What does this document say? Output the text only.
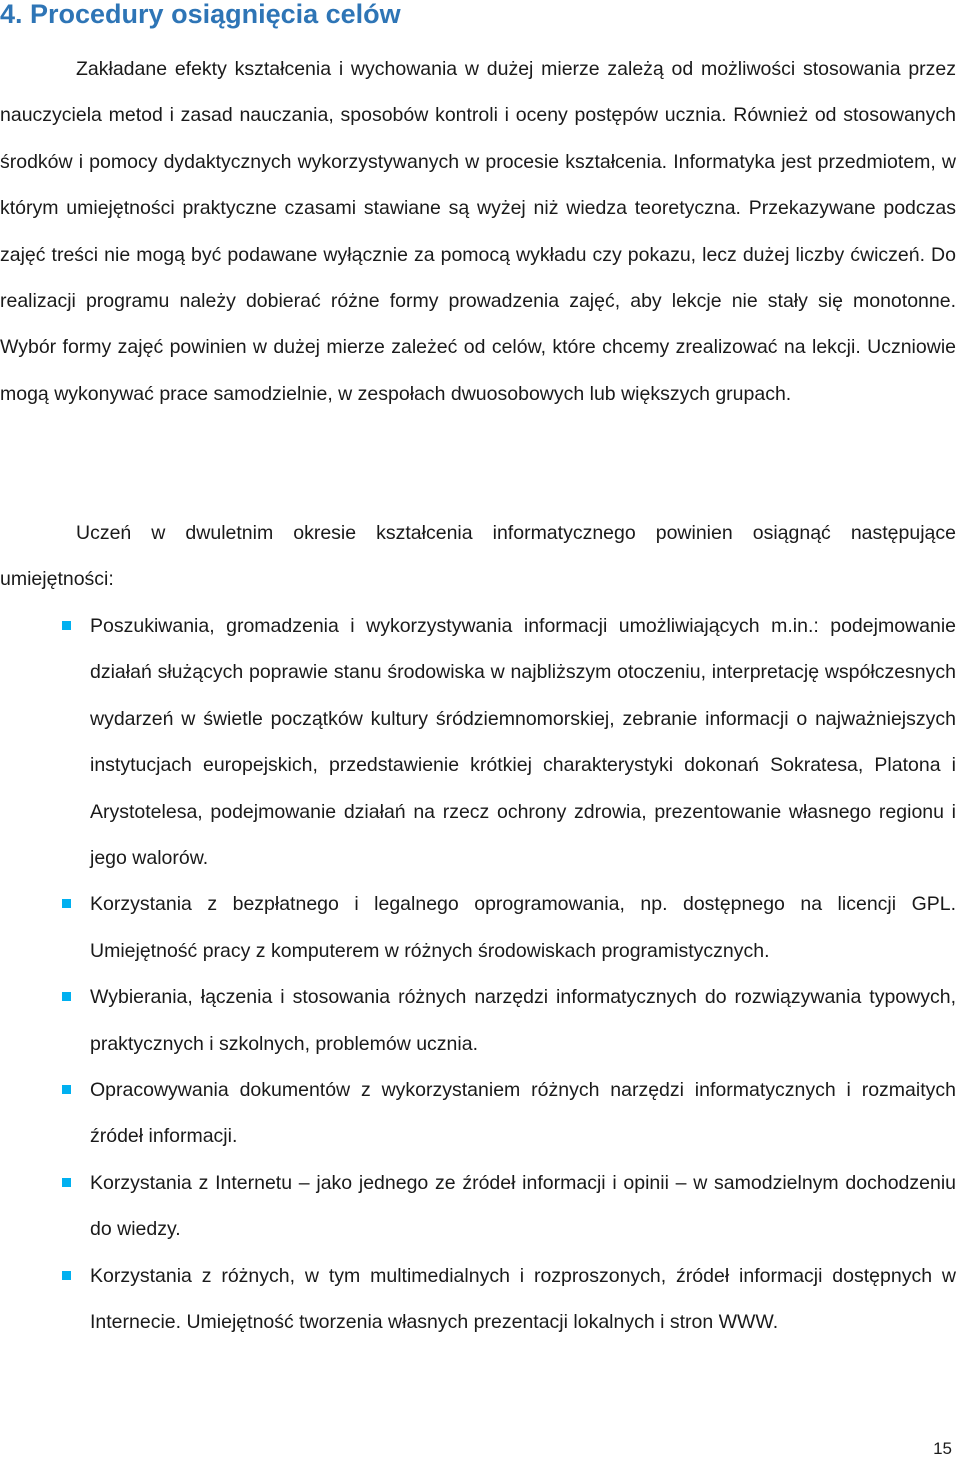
4. Procedury osiągnięcia celów

Zakładane efekty kształcenia i wychowania w dużej mierze zależą od możliwości stosowania przez nauczyciela metod i zasad nauczania, sposobów kontroli i oceny postępów ucznia. Również od stosowanych środków i pomocy dydaktycznych wykorzystywanych w procesie kształcenia. Informatyka jest przedmiotem, w którym umiejętności praktyczne czasami stawiane są wyżej niż wiedza teoretyczna. Przekazywane podczas zajęć treści nie mogą być podawane wyłącznie za pomocą wykładu czy pokazu, lecz dużej liczby ćwiczeń. Do realizacji programu należy dobierać różne formy prowadzenia zajęć, aby lekcje nie stały się monotonne. Wybór formy zajęć powinien w dużej mierze zależeć od celów, które chcemy zrealizować na lekcji. Uczniowie mogą wykonywać prace samodzielnie, w zespołach dwuosobowych lub większych grupach.

Uczeń w dwuletnim okresie kształcenia informatycznego powinien osiągnąć następujące umiejętności:

Poszukiwania, gromadzenia i wykorzystywania informacji umożliwiających m.in.: podejmowanie działań służących poprawie stanu środowiska w najbliższym otoczeniu, interpretację współczesnych wydarzeń w świetle początków kultury śródziemnomorskiej, zebranie informacji o najważniejszych instytucjach europejskich, przedstawienie krótkiej charakterystyki dokonań Sokratesa, Platona i Arystotelesa, podejmowanie działań na rzecz ochrony zdrowia, prezentowanie własnego regionu i jego walorów.
Korzystania z bezpłatnego i legalnego oprogramowania, np. dostępnego na licencji GPL. Umiejętność pracy z komputerem w różnych środowiskach programistycznych.
Wybierania, łączenia i stosowania różnych narzędzi informatycznych do rozwiązywania typowych, praktycznych i szkolnych, problemów ucznia.
Opracowywania dokumentów z wykorzystaniem różnych narzędzi informatycznych i rozmaitych źródeł informacji.
Korzystania z Internetu – jako jednego ze źródeł informacji i opinii – w samodzielnym dochodzeniu do wiedzy.
Korzystania z różnych, w tym multimedialnych i rozproszonych, źródeł informacji dostępnych w Internecie. Umiejętność tworzenia własnych prezentacji lokalnych i stron WWW.
15
